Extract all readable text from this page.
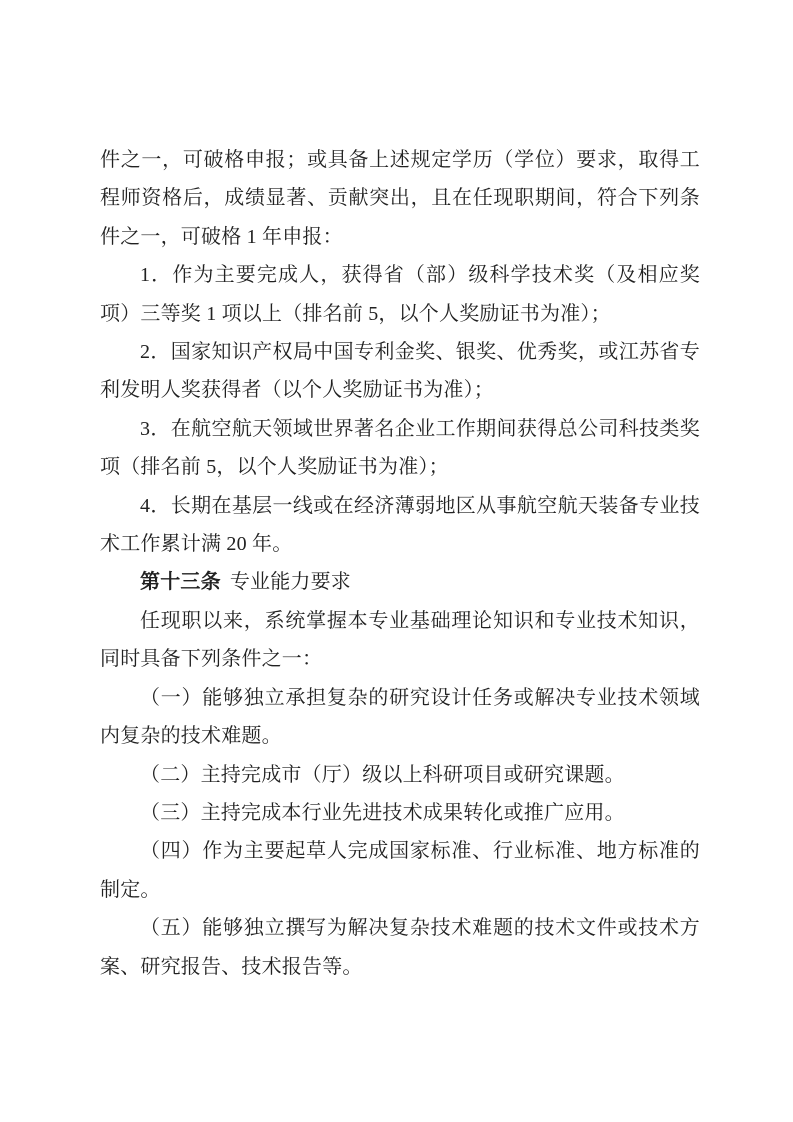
件之一，可破格申报；或具备上述规定学历（学位）要求，取得工程师资格后，成绩显著、贡献突出，且在任现职期间，符合下列条件之一，可破格 1 年申报：

1．作为主要完成人，获得省（部）级科学技术奖（及相应奖项）三等奖 1 项以上（排名前 5，以个人奖励证书为准）；

2．国家知识产权局中国专利金奖、银奖、优秀奖，或江苏省专利发明人奖获得者（以个人奖励证书为准）；

3．在航空航天领域世界著名企业工作期间获得总公司科技类奖项（排名前 5，以个人奖励证书为准）；

4．长期在基层一线或在经济薄弱地区从事航空航天装备专业技术工作累计满 20 年。

第十三条 专业能力要求

任现职以来，系统掌握本专业基础理论知识和专业技术知识，同时具备下列条件之一：

（一）能够独立承担复杂的研究设计任务或解决专业技术领域内复杂的技术难题。

（二）主持完成市（厅）级以上科研项目或研究课题。

（三）主持完成本行业先进技术成果转化或推广应用。

（四）作为主要起草人完成国家标准、行业标准、地方标准的制定。

（五）能够独立撰写为解决复杂技术难题的技术文件或技术方案、研究报告、技术报告等。
